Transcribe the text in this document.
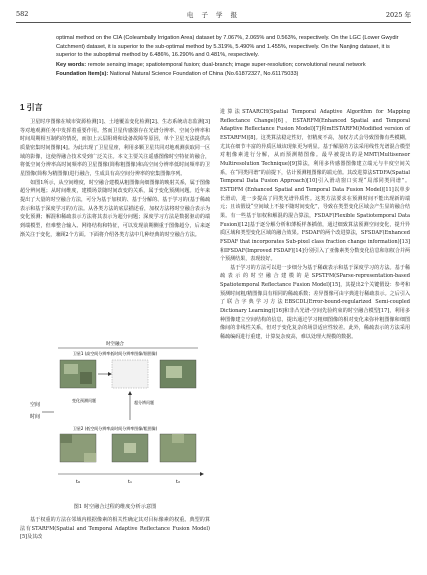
582	电 子 学 报	2025 年

optimal method on the CIA (Coleambally Irrigation Area) dataset by 7.067%, 2.065% and 0.563%, respectively. On the LGC (Lower Gwydir Catchment) dataset, it is superior to the sub-optimal method by 5.319%, 5.490% and 1.455%, respectively. On the Nanjing dataset, it is superior to the suboptimal method by 6.486%, 16.290% and 0.481%, respectively.

Key words: remote sensing image; spatiotemporal fusion; dual-branch; image super-resolution; convolutional neural network

Foundation Item(s): National Natural Science Foundation of China (No.61872327, No.61175033)

1 引言

卫星时序图像在城市资源检测[1]、土地覆盖变化检测[2]、生态系统动态监测[3]等对地观测任务中发挥着重要作用。然而卫星传感器存在光谱分辨率、空间分辨率和时间周期相互制约的情况，而加上云层阻碍和设备故障等原因，单个卫星无法提供高质量密集时间图像[4]。为此出现了卫星星座，利用多颗卫星共同对地观测获取同一区域的影像，这使得融合技术受到广泛关注。本文主要关注遥感图像时空特征的融合，将低空间分辨率高时间频率的卫星图像(简称粗图像)和高空间分辨率低时间频率的卫星图像(简称为精图像)进行融合，生成具有高空间分辨率的密集图像序列。

如图1所示，从空间维度，时空融合建模从粗图像向细图像的映射关系，属于图像超分辨问题；从时间维度，建模场景随时间改变的关系，属于变化预测问题。近年来提出了大量的时空融合方法，可分为基于加权的、基于分解的、基于学习的(基于稀疏表示和基于深度学习的)方法。从各类方法的底层描述看，加权方法将时空融合表示为变化预测；解混和稀疏表示方法将其表示为超分问题；深度学习方法是数据驱动的端到端模型，但难整合输入、网络结构和特征，可以发现前期侧重于图像超分，后来逐渐关注于变化，兼顾2个方面。下面将介绍各类方法中几种经典的时空融合方法。

时空融合
卫星1 (高空间分辨率低时间分辨率图像/细图像)
超分辨问题
变化预测问题
空间
时间
卫星2 (低空间分辨率高时间分辨率图像/粗图像)
t₀	t₁	t₂
图1 时空融合过程的维度分析示意图

基于权重的方法在邻域内根据像素的相关性确定其对目标像素的权重。典型的算法有STARFM(Spatial and Temporal Adaptive Reflectance Fusion Model)[5]及其改

进算法STAARCH(Spatial Temporal Adaptive Algorithm for Mapping Reflectance Change)[6]，ESTARFM(Enhanced Spatial and Temporal Adaptive Reflectance Fusion Model)[7]和mESTARFM(Modified version of ESTARFM)[8]。这类算法稳定性好，但精度不高，加权方式会导致图像有些模糊，尤其在细节丰富的异质区域该现象更为明显。基于解混的方法采用线性光谱混合模型对粗像素进行分解，从而预测精图像。最早被提出的是MMT(Multisensor Multiresolution Technique)[9]算法，利用多传感器图像建立端元与丰度空间关系，在“同类同谱”的前提下，估计预测粗图像的端元值。其改进算法STDFA(Spatial Temporal Data Fusion Approach)[10]引入滑动窗口实现“局部同类同谱”。ESTDFM (Enhanced Spatial and Temporal Data Fusion Model)[11]以单步长滑动，进一步提高了同类光谱异质性。这类方法要求在预测时间不能出现新的端元；且该假设“空间域上不接不随时间变化”，导致在类型变化区域会产生显的融合结果。有一些基于加权和解混的混合算法，FSDAF(Flexible Spatiotemporal Data Fusion)[12]基于逐分解分析和薄板样条插值，通过细致算法预测空间变化，提升异质区域和类型变化区域的融合效果。FSDAF的两个改进算法，SFSDAF(Enhanced FSDAF that incorporates Sub-pixel class fraction change information)[13]和IFSDAF(Improved FSDAF)[14]分别引入了亚像素类分数变化信息和加权合并两个预测结果，表现较好。

基于学习的方法可以进一步细分为基于稀疏表示和基于深度学习的方法。基于稀疏表示的时空融合建模的是SPSTFM(SParse-representation-based Spatiotemporal Reflectance Fusion Model)[15]，其提出2个关键假设：参考和预测时间粗/精图像具有相同的稀疏系数；差异图像可由字典进行稀疏表示。之后引入了联合字典学习方法EBSCDL(Error-bound-regularized Semi-coupled Dictionary Learning)[16]和非凸光谱-空间先验约束的时空融合模型[17]，利用多种图像建立空间结构的信息，提出通过学习粗细图像的相对变化来弥补粗图像和细图像间的非线性关系，但对于变化复杂的场景适应性较差。此外，稀疏表示的方法采用稀疏编码进行重建，计算复杂度高，难以处理大规模的数据。
